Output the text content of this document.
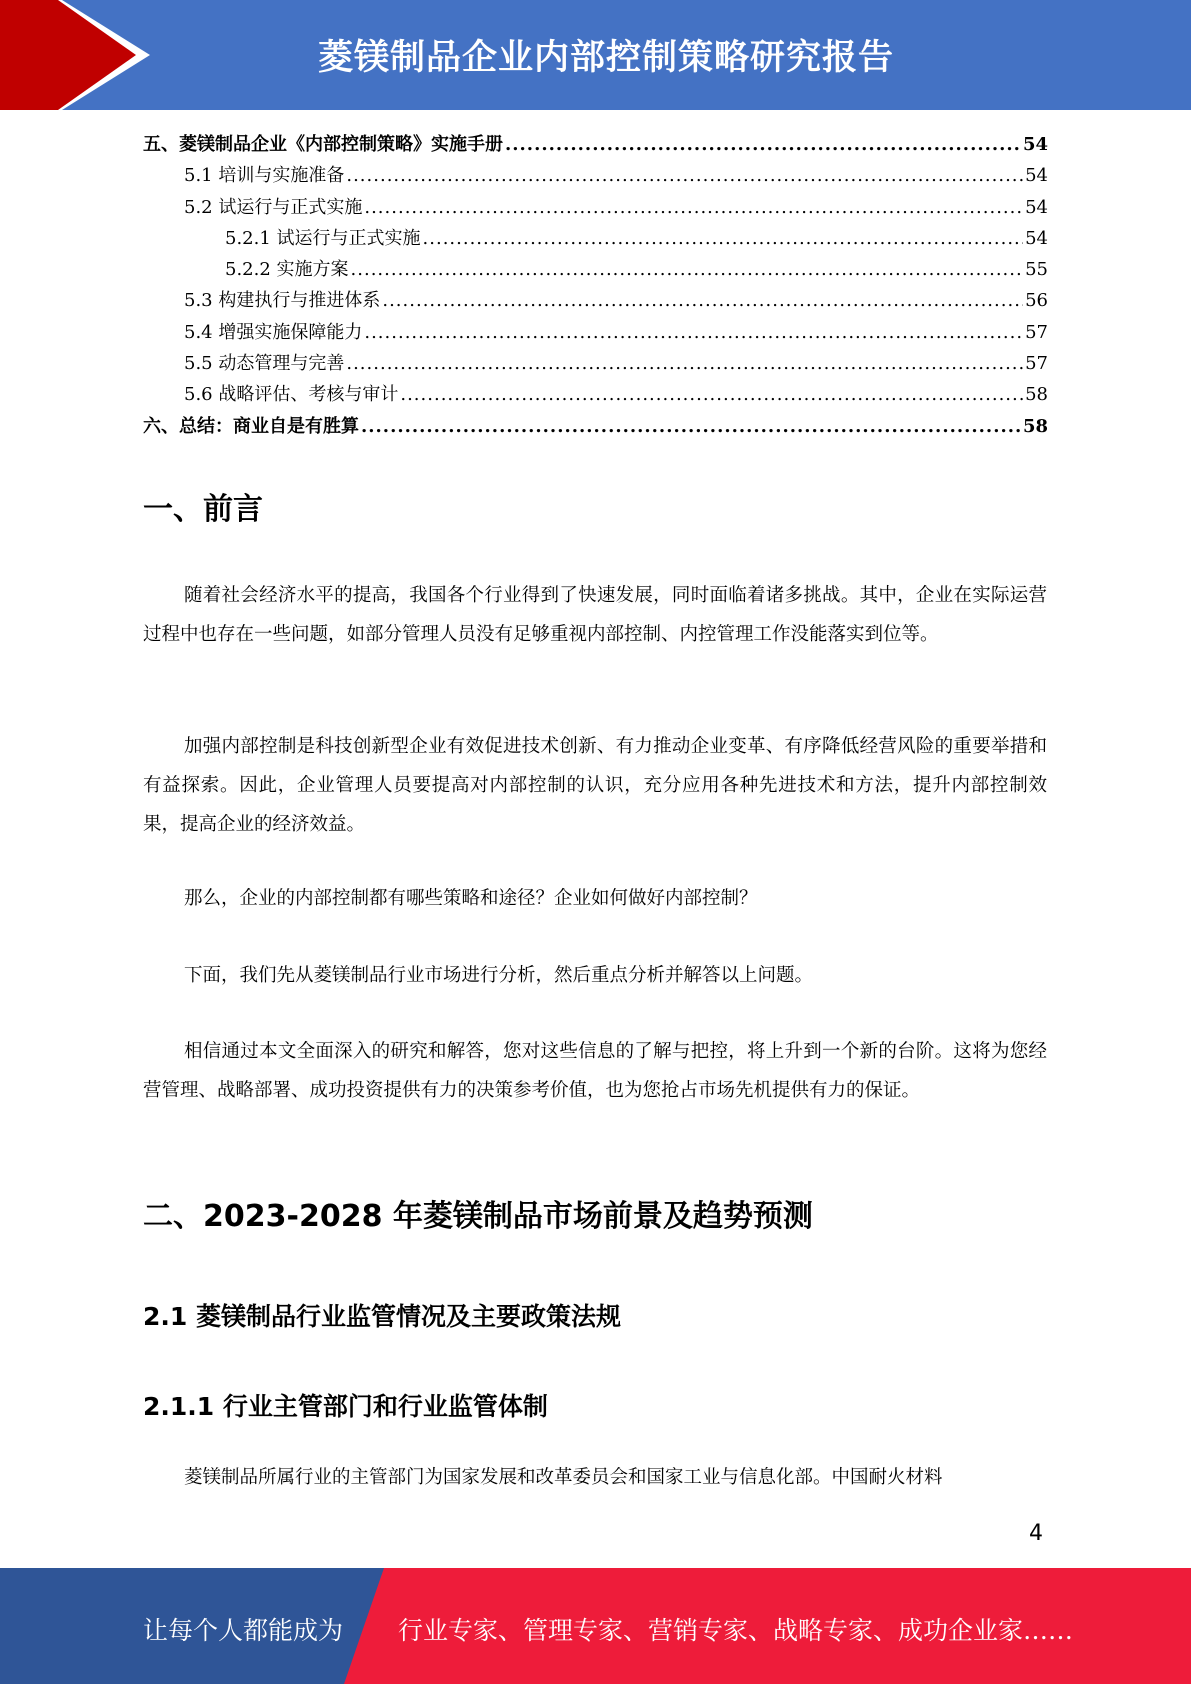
菱镁制品企业内部控制策略研究报告
五、菱镁制品企业《内部控制策略》实施手册 .....	54
5.1 培训与实施准备 .....	54
5.2 试运行与正式实施 .....	54
5.2.1 试运行与正式实施 .....	54
5.2.2 实施方案 .....	55
5.3 构建执行与推进体系 .....	56
5.4 增强实施保障能力 .....	57
5.5 动态管理与完善 .....	57
5.6 战略评估、考核与审计 .....	58
六、总结：商业自是有胜算 .....	58
一、前言

随着社会经济水平的提高，我国各个行业得到了快速发展，同时面临着诸多挑战。其中，企业在实际运营过程中也存在一些问题，如部分管理人员没有足够重视内部控制、内控管理工作没能落实到位等。

加强内部控制是科技创新型企业有效促进技术创新、有力推动企业变革、有序降低经营风险的重要举措和有益探索。因此，企业管理人员要提高对内部控制的认识，充分应用各种先进技术和方法，提升内部控制效果，提高企业的经济效益。

那么，企业的内部控制都有哪些策略和途径？企业如何做好内部控制？

下面，我们先从菱镁制品行业市场进行分析，然后重点分析并解答以上问题。

相信通过本文全面深入的研究和解答，您对这些信息的了解与把控，将上升到一个新的台阶。这将为您经营管理、战略部署、成功投资提供有力的决策参考价值，也为您抢占市场先机提供有力的保证。

二、2023-2028 年菱镁制品市场前景及趋势预测
2.1 菱镁制品行业监管情况及主要政策法规
2.1.1 行业主管部门和行业监管体制

菱镁制品所属行业的主管部门为国家发展和改革委员会和国家工业与信息化部。中国耐火材料

4
让每个人都能成为 行业专家、管理专家、营销专家、战略专家、成功企业家……
